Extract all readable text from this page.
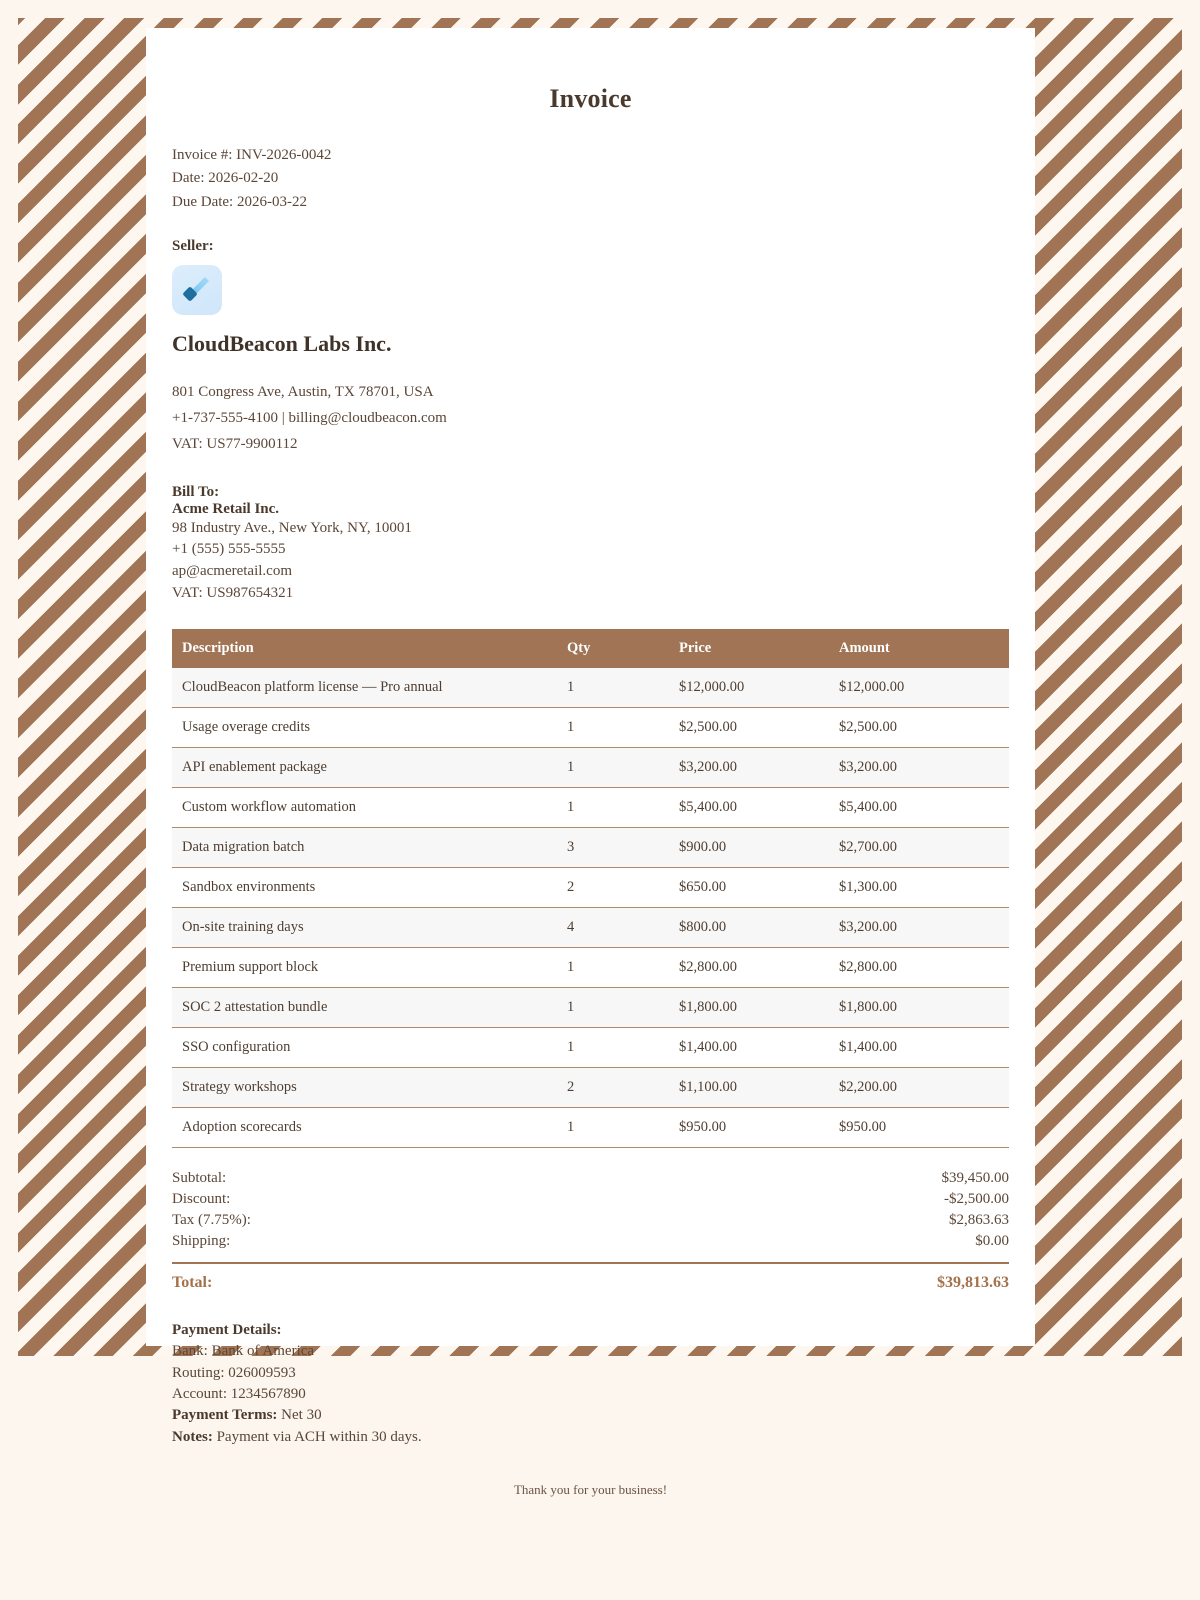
Invoice
Invoice #: INV-2026-0042
Date: 2026-02-20
Due Date: 2026-03-22
Seller:
CloudBeacon Labs Inc.
801 Congress Ave, Austin, TX 78701, USA
+1-737-555-4100 | billing@cloudbeacon.com
VAT: US77-9900112
Bill To:
Acme Retail Inc.
98 Industry Ave., New York, NY, 10001
+1 (555) 555-5555
ap@acmeretail.com
VAT: US987654321
Description	Qty	Price	Amount
CloudBeacon platform license — Pro annual	1	$12,000.00	$12,000.00
Usage overage credits	1	$2,500.00	$2,500.00
API enablement package	1	$3,200.00	$3,200.00
Custom workflow automation	1	$5,400.00	$5,400.00
Data migration batch	3	$900.00	$2,700.00
Sandbox environments	2	$650.00	$1,300.00
On-site training days	4	$800.00	$3,200.00
Premium support block	1	$2,800.00	$2,800.00
SOC 2 attestation bundle	1	$1,800.00	$1,800.00
SSO configuration	1	$1,400.00	$1,400.00
Strategy workshops	2	$1,100.00	$2,200.00
Adoption scorecards	1	$950.00	$950.00
Subtotal:	$39,450.00
Discount:	-$2,500.00
Tax (7.75%):	$2,863.63
Shipping:	$0.00
Total:	$39,813.63
Payment Details:
Bank: Bank of America
Routing: 026009593
Account: 1234567890
Payment Terms: Net 30
Notes: Payment via ACH within 30 days.
Thank you for your business!
